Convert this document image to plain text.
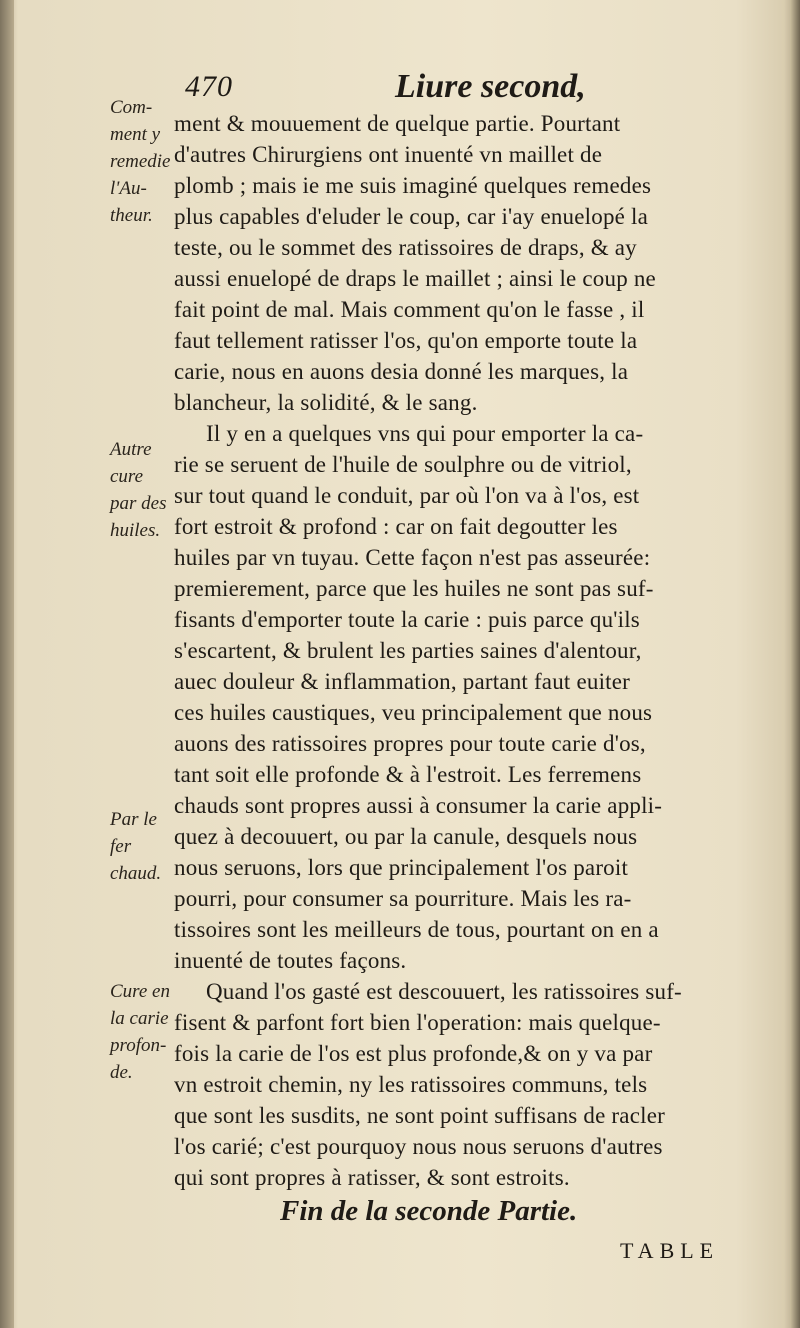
470	Liure second,
Com-
ment y
remedie
l'Au-
theur.
Autre
cure
par des
huiles.
Par le
fer
chaud.
Cure en
la carie
profon-
de.
ment & mouuement de quelque partie. Pourtant
d'autres Chirurgiens ont inuenté vn maillet de
plomb ; mais ie me suis imaginé quelques remedes
plus capables d'eluder le coup, car i'ay enuelopé la
teste, ou le sommet des ratissoires de draps, & ay
aussi enuelopé de draps le maillet ; ainsi le coup ne
fait point de mal. Mais comment qu'on le fasse , il
faut tellement ratisser l'os, qu'on emporte toute la
carie, nous en auons desia donné les marques, la
blancheur, la solidité, & le sang.
Il y en a quelques vns qui pour emporter la ca-
rie se seruent de l'huile de soulphre ou de vitriol,
sur tout quand le conduit, par où l'on va à l'os, est
fort estroit & profond : car on fait degoutter les
huiles par vn tuyau. Cette façon n'est pas asseurée:
premierement, parce que les huiles ne sont pas suf-
fisants d'emporter toute la carie : puis parce qu'ils
s'escartent, & brulent les parties saines d'alentour,
auec douleur & inflammation, partant faut euiter
ces huiles caustiques, veu principalement que nous
auons des ratissoires propres pour toute carie d'os,
tant soit elle profonde & à l'estroit. Les ferremens
chauds sont propres aussi à consumer la carie appli-
quez à decouuert, ou par la canule, desquels nous
nous seruons, lors que principalement l'os paroit
pourri, pour consumer sa pourriture. Mais les ra-
tissoires sont les meilleurs de tous, pourtant on en a
inuenté de toutes façons.
Quand l'os gasté est descouuert, les ratissoires suf-
fisent & parfont fort bien l'operation: mais quelque-
fois la carie de l'os est plus profonde,& on y va par
vn estroit chemin, ny les ratissoires communs, tels
que sont les susdits, ne sont point suffisans de racler
l'os carié; c'est pourquoy nous nous seruons d'autres
qui sont propres à ratisser, & sont estroits.
Fin de la seconde Partie.
TABLE
